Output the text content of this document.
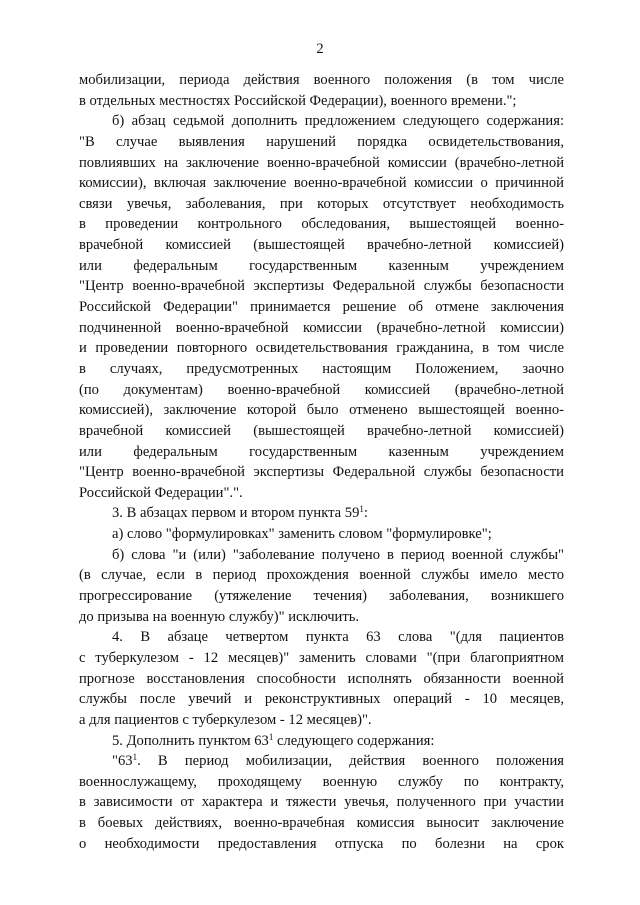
2
мобилизации, периода действия военного положения (в том числе
в отдельных местностях Российской Федерации), военного времени.";
б) абзац седьмой дополнить предложением следующего содержания:
"В случае выявления нарушений порядка освидетельствования,
повлиявших на заключение военно-врачебной комиссии (врачебно-летной
комиссии), включая заключение военно-врачебной комиссии о причинной
связи увечья, заболевания, при которых отсутствует необходимость
в проведении контрольного обследования, вышестоящей военно-
врачебной комиссией (вышестоящей врачебно-летной комиссией)
или федеральным государственным казенным учреждением
"Центр военно-врачебной экспертизы Федеральной службы безопасности
Российской Федерации" принимается решение об отмене заключения
подчиненной военно-врачебной комиссии (врачебно-летной комиссии)
и проведении повторного освидетельствования гражданина, в том числе
в случаях, предусмотренных настоящим Положением, заочно
(по документам) военно-врачебной комиссией (врачебно-летной
комиссией), заключение которой было отменено вышестоящей военно-
врачебной комиссией (вышестоящей врачебно-летной комиссией)
или федеральным государственным казенным учреждением
"Центр военно-врачебной экспертизы Федеральной службы безопасности
Российской Федерации".".
3. В абзацах первом и втором пункта $59^1$:
а) слово "формулировках" заменить словом "формулировке";
б) слова "и (или) "заболевание получено в период военной службы"
(в случае, если в период прохождения военной службы имело место
прогрессирование (утяжеление течения) заболевания, возникшего
до призыва на военную службу)" исключить.
4. В абзаце четвертом пункта 63 слова "(для пациентов
с туберкулезом - 12 месяцев)" заменить словами "(при благоприятном
прогнозе восстановления способности исполнять обязанности военной
службы после увечий и реконструктивных операций - 10 месяцев,
а для пациентов с туберкулезом - 12 месяцев)".
5. Дополнить пунктом $63^1$ следующего содержания:
"$63^1$. В период мобилизации, действия военного положения
военнослужащему, проходящему военную службу по контракту,
в зависимости от характера и тяжести увечья, полученного при участии
в боевых действиях, военно-врачебная комиссия выносит заключение
о необходимости предоставления отпуска по болезни на срок
